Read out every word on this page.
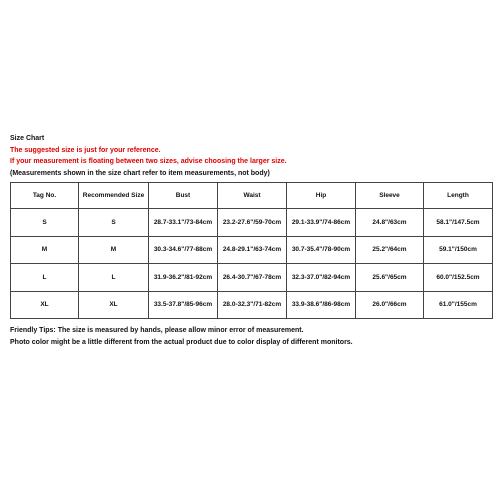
Size Chart
The suggested size is just for your reference.
If your measurement is floating between two sizes, advise choosing the larger size.
(Measurements shown in the size chart refer to item measurements, not body)
Tag No.	Recommended Size	Bust	Waist	Hip	Sleeve	Length
S	S	28.7-33.1"/73-84cm	23.2-27.6"/59-70cm	29.1-33.9"/74-86cm	24.8"/63cm	58.1"/147.5cm
M	M	30.3-34.6"/77-88cm	24.8-29.1"/63-74cm	30.7-35.4"/78-90cm	25.2"/64cm	59.1"/150cm
L	L	31.9-36.2"/81-92cm	26.4-30.7"/67-78cm	32.3-37.0"/82-94cm	25.6"/65cm	60.0"/152.5cm
XL	XL	33.5-37.8"/85-96cm	28.0-32.3"/71-82cm	33.9-38.6"/86-98cm	26.0"/66cm	61.0"/155cm
Friendly Tips: The size is measured by hands, please allow minor error of measurement.
Photo color might be a little different from the actual product due to color display of different monitors.
